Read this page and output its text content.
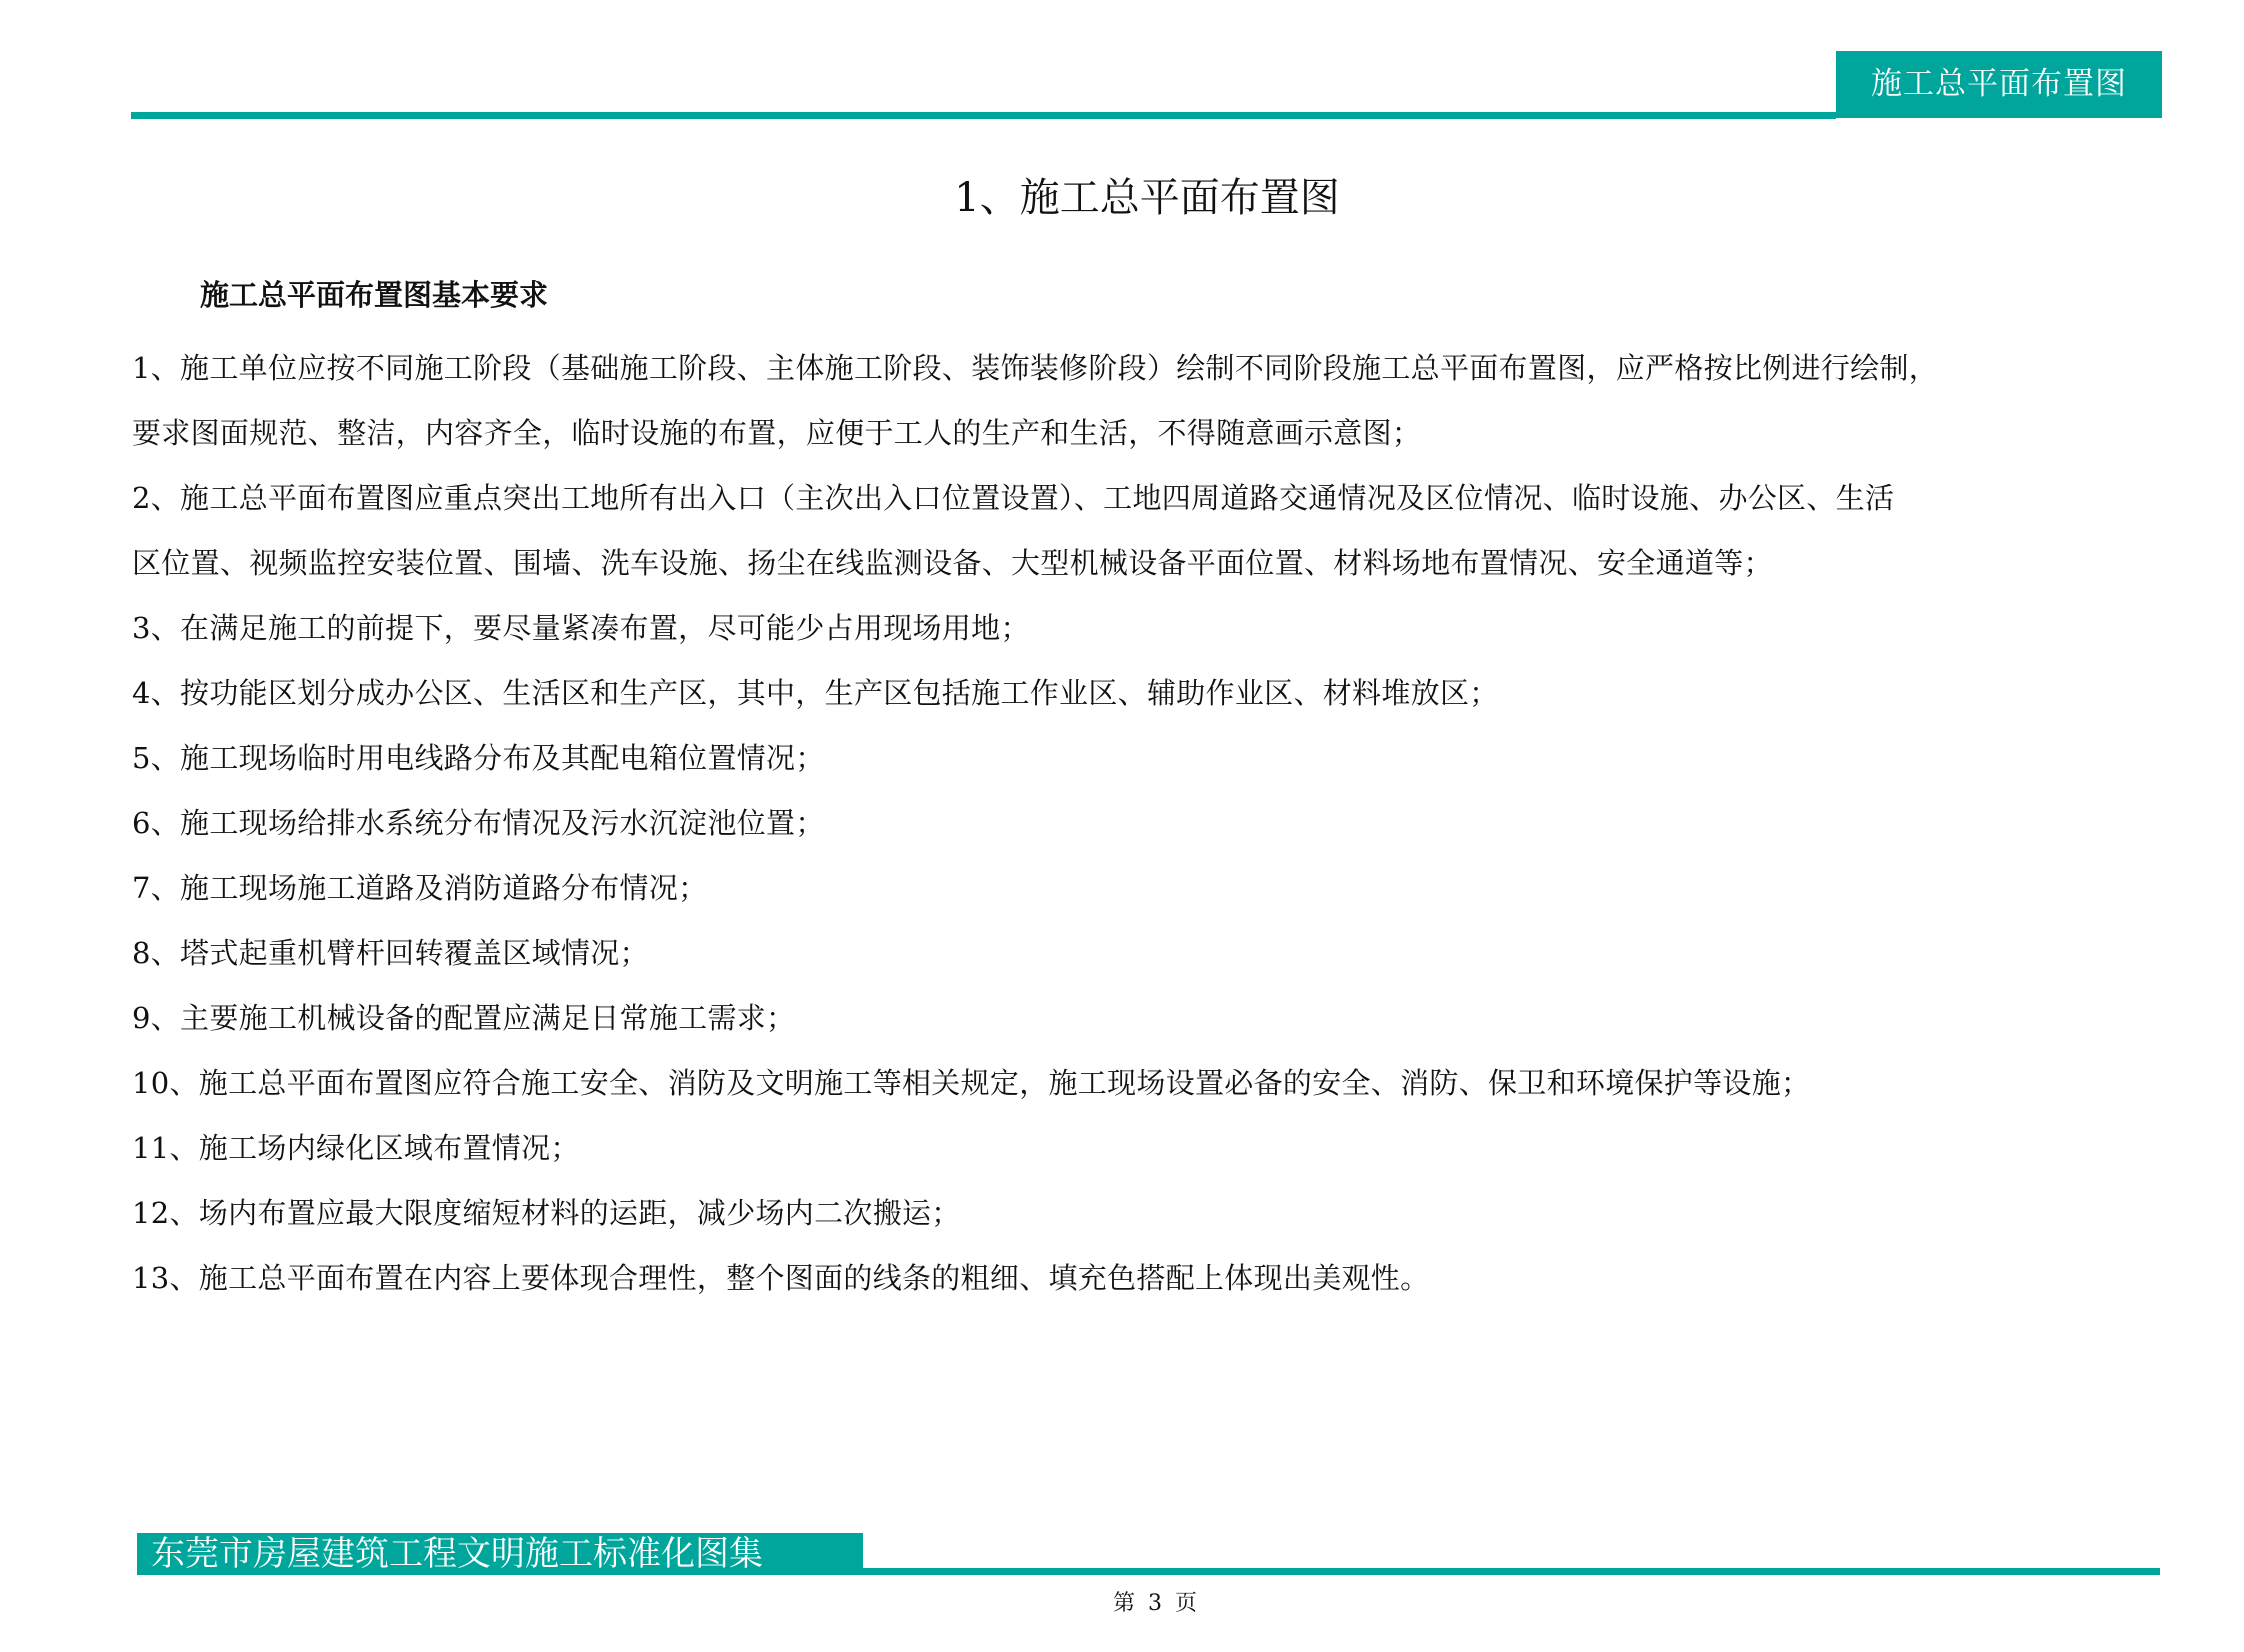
施工总平面布置图
1、施工总平面布置图
施工总平面布置图基本要求
1、施工单位应按不同施工阶段（基础施工阶段、主体施工阶段、装饰装修阶段）绘制不同阶段施工总平面布置图，应严格按比例进行绘制，
要求图面规范、整洁，内容齐全，临时设施的布置，应便于工人的生产和生活，不得随意画示意图；
2、施工总平面布置图应重点突出工地所有出入口（主次出入口位置设置）、工地四周道路交通情况及区位情况、临时设施、办公区、生活
区位置、视频监控安装位置、围墙、洗车设施、扬尘在线监测设备、大型机械设备平面位置、材料场地布置情况、安全通道等；
3、在满足施工的前提下，要尽量紧凑布置，尽可能少占用现场用地；
4、按功能区划分成办公区、生活区和生产区，其中，生产区包括施工作业区、辅助作业区、材料堆放区；
5、施工现场临时用电线路分布及其配电箱位置情况；
6、施工现场给排水系统分布情况及污水沉淀池位置；
7、施工现场施工道路及消防道路分布情况；
8、塔式起重机臂杆回转覆盖区域情况；
9、主要施工机械设备的配置应满足日常施工需求；
10、施工总平面布置图应符合施工安全、消防及文明施工等相关规定，施工现场设置必备的安全、消防、保卫和环境保护等设施；
11、施工场内绿化区域布置情况；
12、场内布置应最大限度缩短材料的运距，减少场内二次搬运；
13、施工总平面布置在内容上要体现合理性，整个图面的线条的粗细、填充色搭配上体现出美观性。
东莞市房屋建筑工程文明施工标准化图集
第 3 页
